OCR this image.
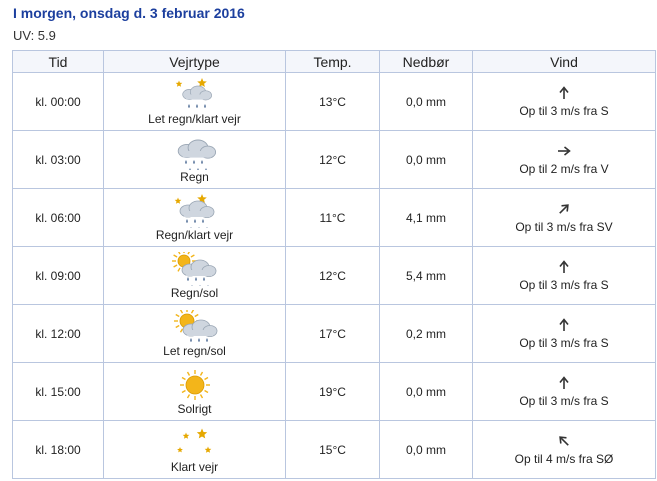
I morgen, onsdag d. 3 februar 2016
UV: 5.9
Tid	Vejrtype	Temp.	Nedbør	Vind
kl. 00:00	Let regn/klart vejr	13°C	0,0 mm	Op til 3 m/s fra S

kl. 03:00	Regn	12°C	0,0 mm	Op til 2 m/s fra V

kl. 06:00	Regn/klart vejr	11°C	4,1 mm	Op til 3 m/s fra SV

kl. 09:00	Regn/sol	12°C	5,4 mm	Op til 3 m/s fra S

kl. 12:00	Let regn/sol	17°C	0,2 mm	Op til 3 m/s fra S

kl. 15:00	Solrigt	19°C	0,0 mm	Op til 3 m/s fra S

kl. 18:00	Klart vejr	15°C	0,0 mm	Op til 4 m/s fra SØ
